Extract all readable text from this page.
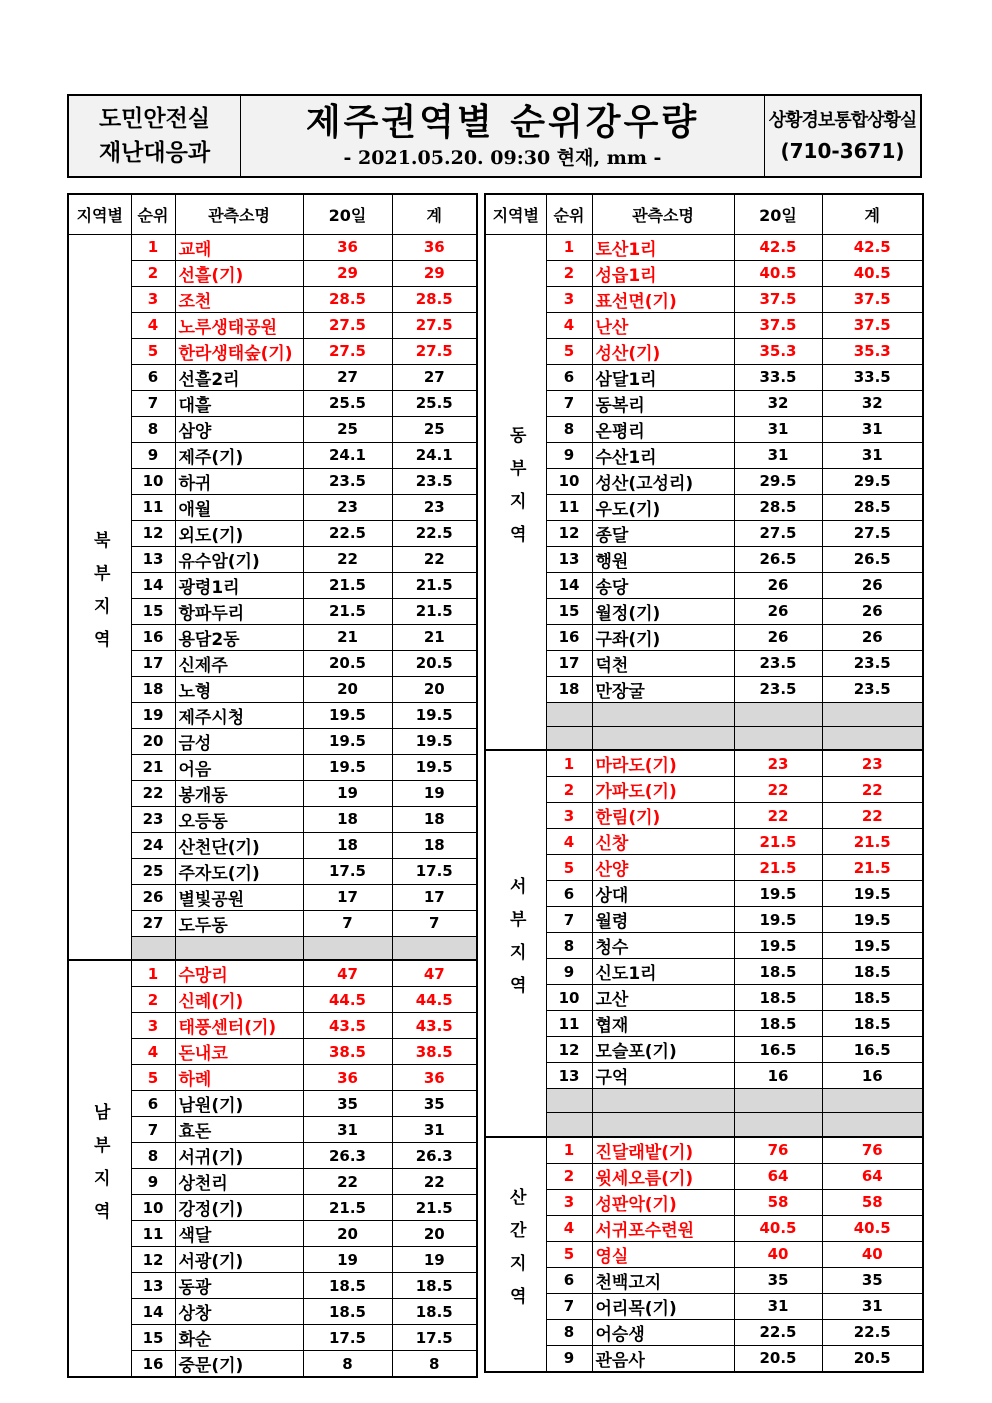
도민안전실
재난대응과
제주권역별 순위강우량
- 2021.05.20. 09:30 현재, mm -
상황경보통합상황실
(710-3671)
지역별	순위	관측소명	20일	계
북부지역	1	교래	36	36
	2	선흘(기)	29	29
	3	조천	28.5	28.5
	4	노루생태공원	27.5	27.5
	5	한라생태숲(기)	27.5	27.5
	6	선흘2리	27	27
	7	대흘	25.5	25.5
	8	삼양	25	25
	9	제주(기)	24.1	24.1
	10	하귀	23.5	23.5
	11	애월	23	23
	12	외도(기)	22.5	22.5
	13	유수암(기)	22	22
	14	광령1리	21.5	21.5
	15	항파두리	21.5	21.5
	16	용담2동	21	21
	17	신제주	20.5	20.5
	18	노형	20	20
	19	제주시청	19.5	19.5
	20	금성	19.5	19.5
	21	어음	19.5	19.5
	22	봉개동	19	19
	23	오등동	18	18
	24	산천단(기)	18	18
	25	주자도(기)	17.5	17.5
	26	별빛공원	17	17
	27	도두동	7	7

남부지역	1	수망리	47	47
	2	신례(기)	44.5	44.5
	3	태풍센터(기)	43.5	43.5
	4	돈내코	38.5	38.5
	5	하례	36	36
	6	남원(기)	35	35
	7	효돈	31	31
	8	서귀(기)	26.3	26.3
	9	상천리	22	22
	10	강정(기)	21.5	21.5
	11	색달	20	20
	12	서광(기)	19	19
	13	동광	18.5	18.5
	14	상창	18.5	18.5
	15	화순	17.5	17.5
	16	중문(기)	8	8
지역별	순위	관측소명	20일	계
동부지역	1	토산1리	42.5	42.5
	2	성읍1리	40.5	40.5
	3	표선면(기)	37.5	37.5
	4	난산	37.5	37.5
	5	성산(기)	35.3	35.3
	6	삼달1리	33.5	33.5
	7	동복리	32	32
	8	온평리	31	31
	9	수산1리	31	31
	10	성산(고성리)	29.5	29.5
	11	우도(기)	28.5	28.5
	12	종달	27.5	27.5
	13	행원	26.5	26.5
	14	송당	26	26
	15	월정(기)	26	26
	16	구좌(기)	26	26
	17	덕천	23.5	23.5
	18	만장굴	23.5	23.5

서부지역	1	마라도(기)	23	23
	2	가파도(기)	22	22
	3	한림(기)	22	22
	4	신창	21.5	21.5
	5	산양	21.5	21.5
	6	상대	19.5	19.5
	7	월령	19.5	19.5
	8	청수	19.5	19.5
	9	신도1리	18.5	18.5
	10	고산	18.5	18.5
	11	협재	18.5	18.5
	12	모슬포(기)	16.5	16.5
	13	구억	16	16

산간지역	1	진달래밭(기)	76	76
	2	윗세오름(기)	64	64
	3	성판악(기)	58	58
	4	서귀포수련원	40.5	40.5
	5	영실	40	40
	6	천백고지	35	35
	7	어리목(기)	31	31
	8	어승생	22.5	22.5
	9	관음사	20.5	20.5
